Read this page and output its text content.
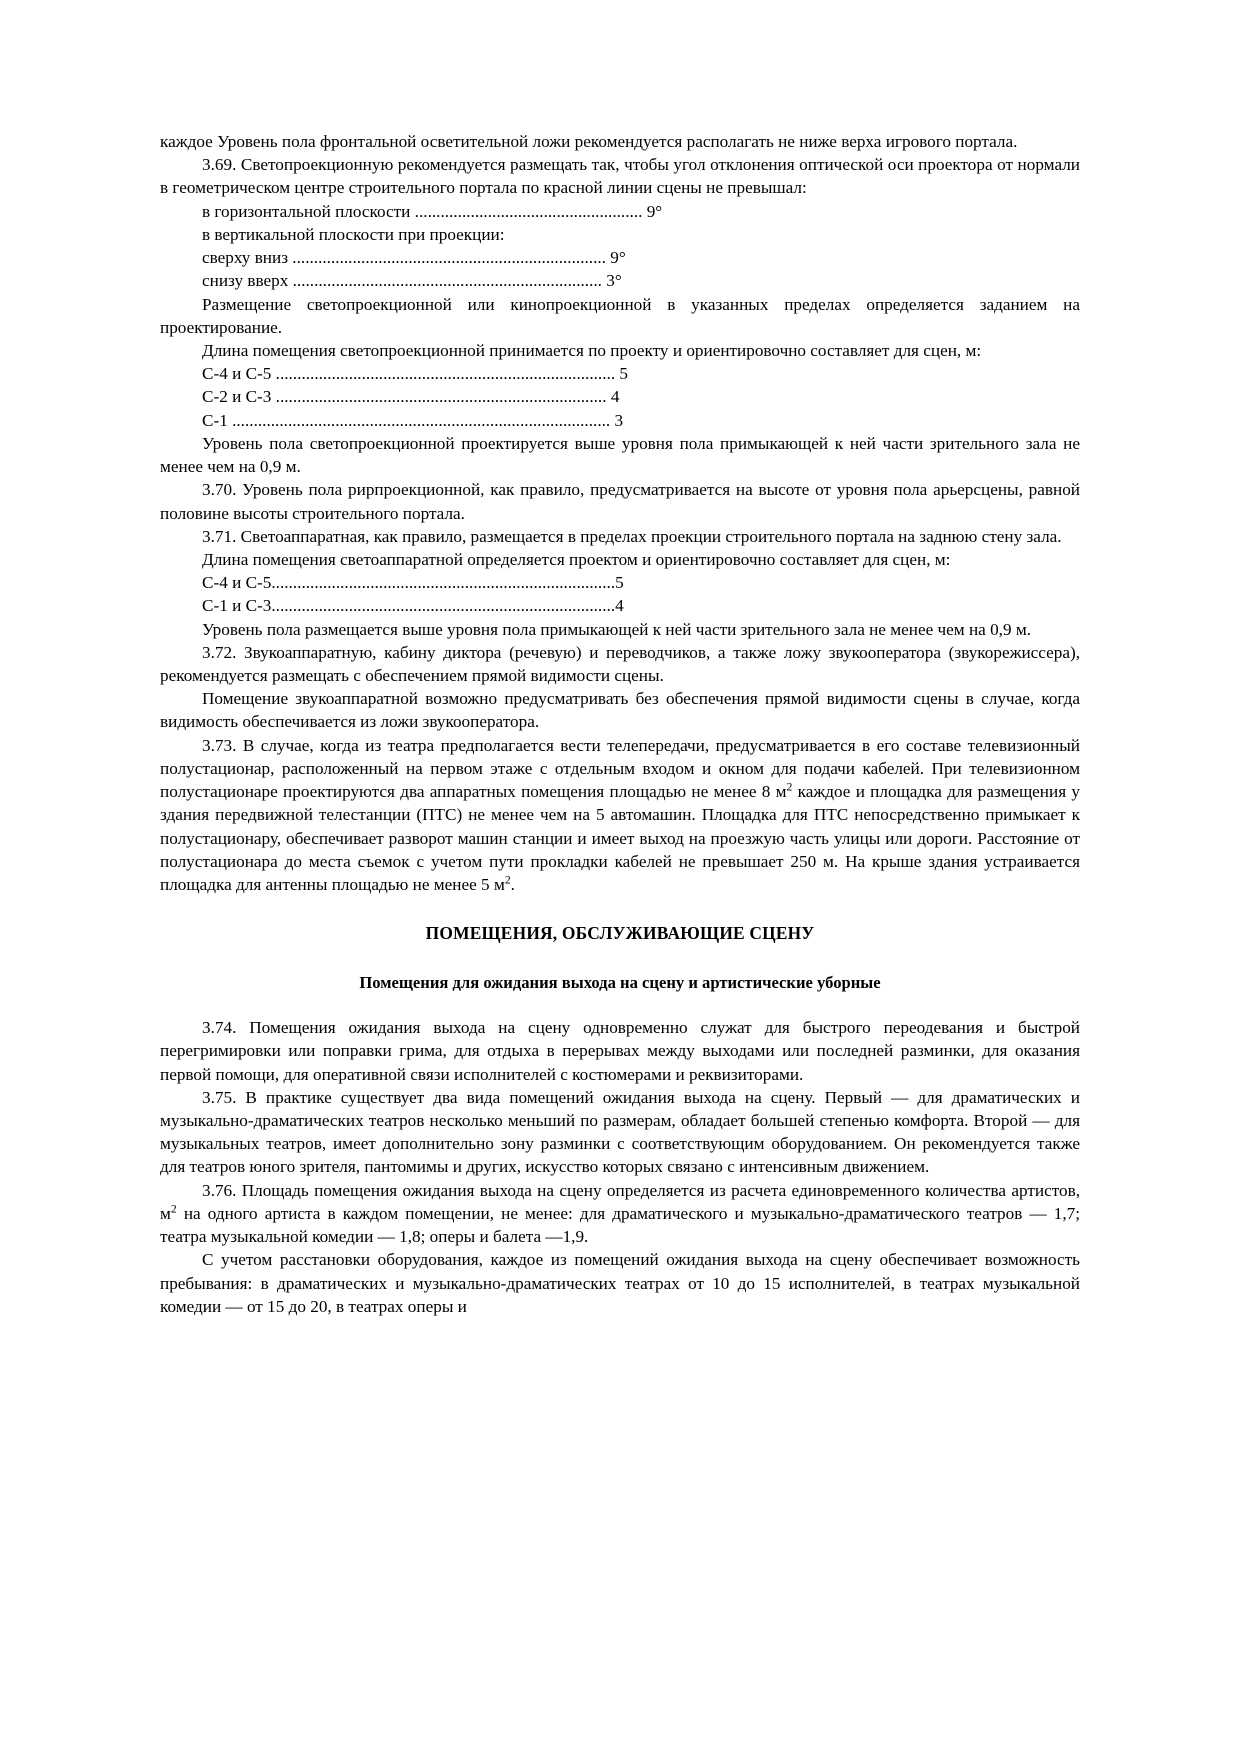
каждое Уровень пола фронтальной осветительной ложи рекомендуется располагать не ниже верха игрового портала.

3.69. Светопроекционную рекомендуется размещать так, чтобы угол отклонения оптической оси проектора от нормали в геометрическом центре строительного портала по красной линии сцены не превышал:

в горизонтальной плоскости ..................................................... 9°

в вертикальной плоскости при проекции:

сверху вниз ......................................................................... 9°

снизу вверх ........................................................................ 3°

Размещение светопроекционной или кинопроекционной в указанных пределах определяется заданием на проектирование.

Длина помещения светопроекционной принимается по проекту и ориентировочно составляет для сцен, м:

С-4 и С-5 ............................................................................... 5

С-2 и С-3 ............................................................................. 4

С-1 ........................................................................................ 3

Уровень пола светопроекционной проектируется выше уровня пола примыкающей к ней части зрительного зала не менее чем на 0,9 м.

3.70. Уровень пола рирпроекционной, как правило, предусматривается на высоте от уровня пола арьерсцены, равной половине высоты строительного портала.

3.71. Светоаппаратная, как правило, размещается в пределах проекции строительного портала на заднюю стену зала.

Длина помещения светоаппаратной определяется проектом и ориентировочно составляет для сцен, м:

С-4 и С-5................................................................................5

С-1 и С-3................................................................................4

Уровень пола размещается выше уровня пола примыкающей к ней части зрительного зала не менее чем на 0,9 м.

3.72. Звукоаппаратную, кабину диктора (речевую) и переводчиков, а также ложу звукооператора (звукорежиссера), рекомендуется размещать с обеспечением прямой видимости сцены.

Помещение звукоаппаратной возможно предусматривать без обеспечения прямой видимости сцены в случае, когда видимость обеспечивается из ложи звукооператора.

3.73. В случае, когда из театра предполагается вести телепередачи, предусматривается в его составе телевизионный полустационар, расположенный на первом этаже с отдельным входом и окном для подачи кабелей. При телевизионном полустационаре проектируются два аппаратных помещения площадью не менее 8 $м^2$ каждое и площадка для размещения у здания передвижной телестанции (ПТС) не менее чем на 5 автомашин. Площадка для ПТС непосредственно примыкает к полустационару, обеспечивает разворот машин станции и имеет выход на проезжую часть улицы или дороги. Расстояние от полустационара до места съемок с учетом пути прокладки кабелей не превышает 250 м. На крыше здания устраивается площадка для антенны площадью не менее 5 $м^2$.

ПОМЕЩЕНИЯ, ОБСЛУЖИВАЮЩИЕ СЦЕНУ
Помещения для ожидания выхода на сцену и артистические уборные

3.74. Помещения ожидания выхода на сцену одновременно служат для быстрого переодевания и быстрой перегримировки или поправки грима, для отдыха в перерывах между выходами или последней разминки, для оказания первой помощи, для оперативной связи исполнителей с костюмерами и реквизиторами.

3.75. В практике существует два вида помещений ожидания выхода на сцену. Первый — для драматических и музыкально-драматических театров несколько меньший по размерам, обладает большей степенью комфорта. Второй — для музыкальных театров, имеет дополнительно зону разминки с соответствующим оборудованием. Он рекомендуется также для театров юного зрителя, пантомимы и других, искусство которых связано с интенсивным движением.

3.76. Площадь помещения ожидания выхода на сцену определяется из расчета единовременного количества артистов, $м^2$ на одного артиста в каждом помещении, не менее: для драматического и музыкально-драматического театров — 1,7; театра музыкальной комедии — 1,8; оперы и балета —1,9.

С учетом расстановки оборудования, каждое из помещений ожидания выхода на сцену обеспечивает возможность пребывания: в драматических и музыкально-драматических театрах от 10 до 15 исполнителей, в театрах музыкальной комедии — от 15 до 20, в театрах оперы и
